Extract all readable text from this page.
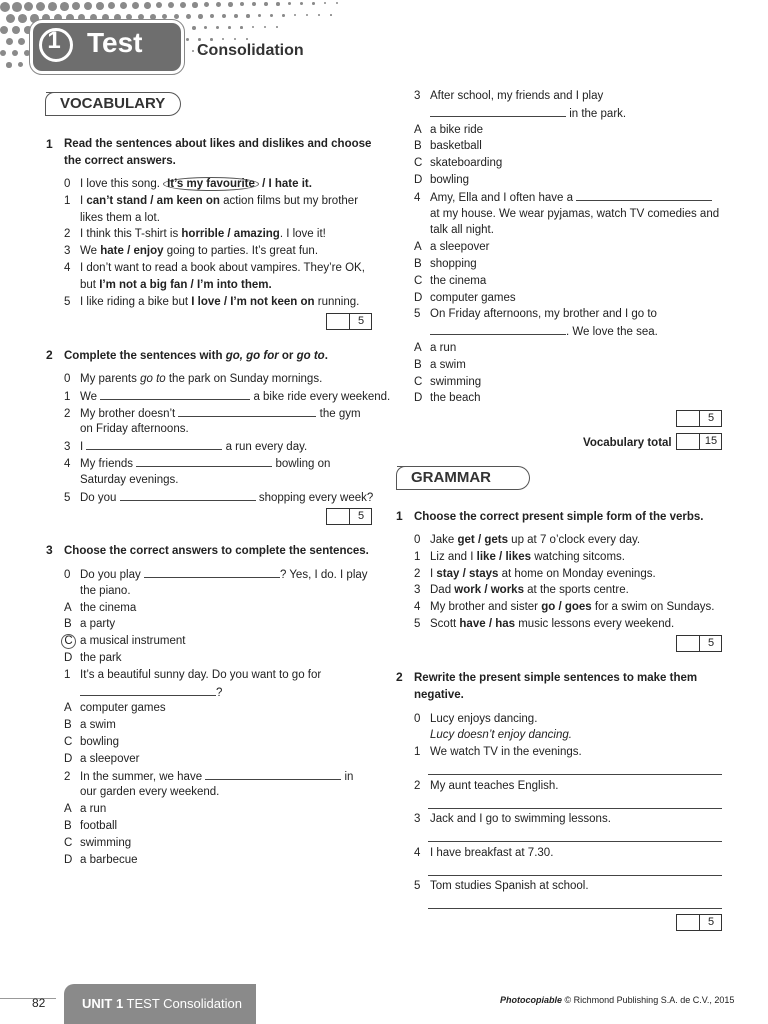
1 Test	Consolidation
VOCABULARY
1 Read the sentences about likes and dislikes and choose
the correct answers.
0 I love this song. It’s my favourite / I hate it.
1 I can’t stand / am keen on action films but my brother
likes them a lot.
2 I think this T-shirt is horrible / amazing. I love it!
3 We hate / enjoy going to parties. It’s great fun.
4 I don’t want to read a book about vampires. They’re OK,
but I’m not a big fan / I’m into them.
5 I like riding a bike but I love / I’m not keen on running.
5
2 Complete the sentences with go, go for or go to.
0 My parents go to the park on Sunday mornings.
1 We	a bike ride every weekend.
2 My brother doesn’t	the gym
on Friday afternoons.
3 I	a run every day.
4 My friends	bowling on
Saturday evenings.
5 Do you	shopping every week?
5
3 Choose the correct answers to complete the sentences.
0 Do you play	? Yes, I do. I play
the piano.
A the cinema
B a party
C a musical instrument
D the park
1 It’s a beautiful sunny day. Do you want to go for
?
A computer games
B a swim
C bowling
D a sleepover
2 In the summer, we have	in
our garden every weekend.
A a run
B football
C swimming
D a barbecue
3 After school, my friends and I play
in the park.
A a bike ride
B basketball
C skateboarding
D bowling
4 Amy, Ella and I often have a
at my house. We wear pyjamas, watch TV comedies and
talk all night.
A a sleepover
B shopping
C the cinema
D computer games
5 On Friday afternoons, my brother and I go to
. We love the sea.
A a run
B a swim
C swimming
D the beach
5
Vocabulary total	15
GRAMMAR
1 Choose the correct present simple form of the verbs.
0 Jake get / gets up at 7 o’clock every day.
1 Liz and I like / likes watching sitcoms.
2 I stay / stays at home on Monday evenings.
3 Dad work / works at the sports centre.
4 My brother and sister go / goes for a swim on Sundays.
5 Scott have / has music lessons every weekend.
5
2 Rewrite the present simple sentences to make them
negative.
0 Lucy enjoys dancing.
Lucy doesn’t enjoy dancing.
1 We watch TV in the evenings.
2 My aunt teaches English.
3 Jack and I go to swimming lessons.
4 I have breakfast at 7.30.
5 Tom studies Spanish at school.
5
82	UNIT 1 TEST Consolidation	Photocopiable © Richmond Publishing S.A. de C.V., 2015
